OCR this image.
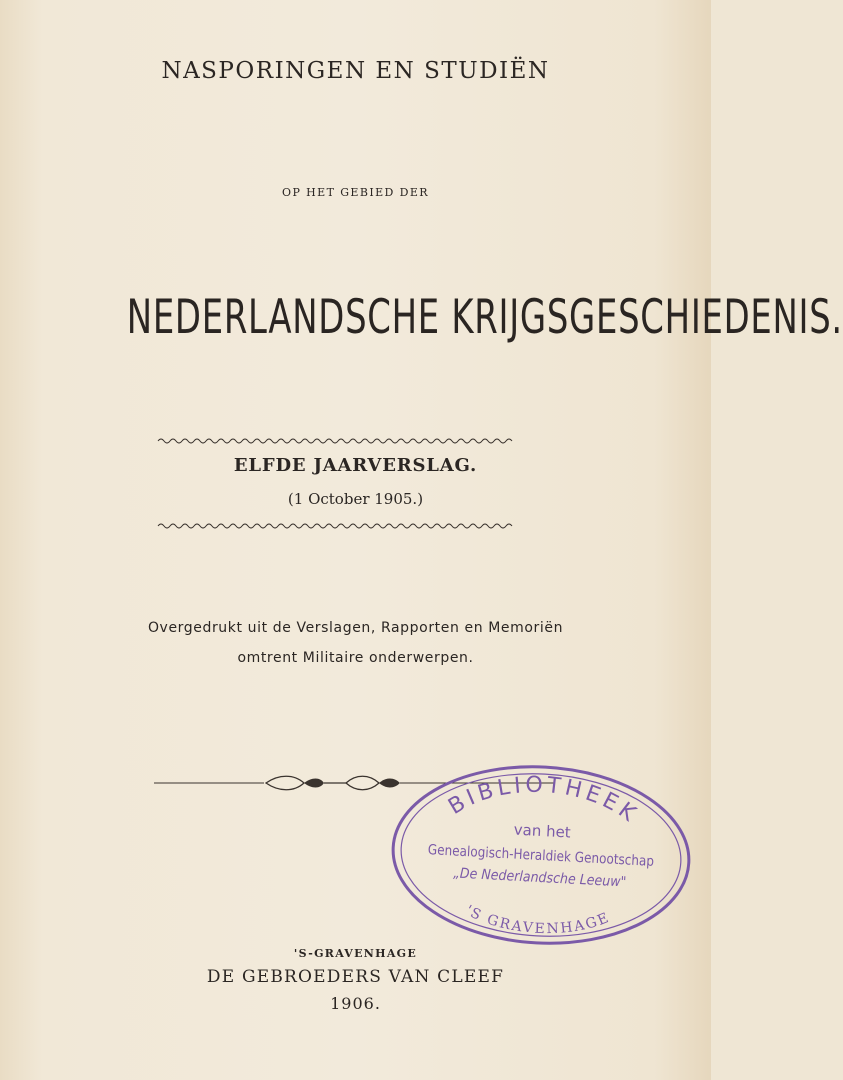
NASPORINGEN EN STUDIËN
OP HET GEBIED DER
NEDERLANDSCHE KRIJGSGESCHIEDENIS.
ELFDE JAARVERSLAG.
(1 October 1905.)
Overgedrukt uit de Verslagen, Rapporten en Memoriën
omtrent Militaire onderwerpen.
'S-GRAVENHAGE
DE GEBROEDERS VAN CLEEF
1906.
BIBLIOTHEEK
'S GRAVENHAGE
van het
Genealogisch-Heraldiek Genootschap
„De Nederlandsche Leeuw"
